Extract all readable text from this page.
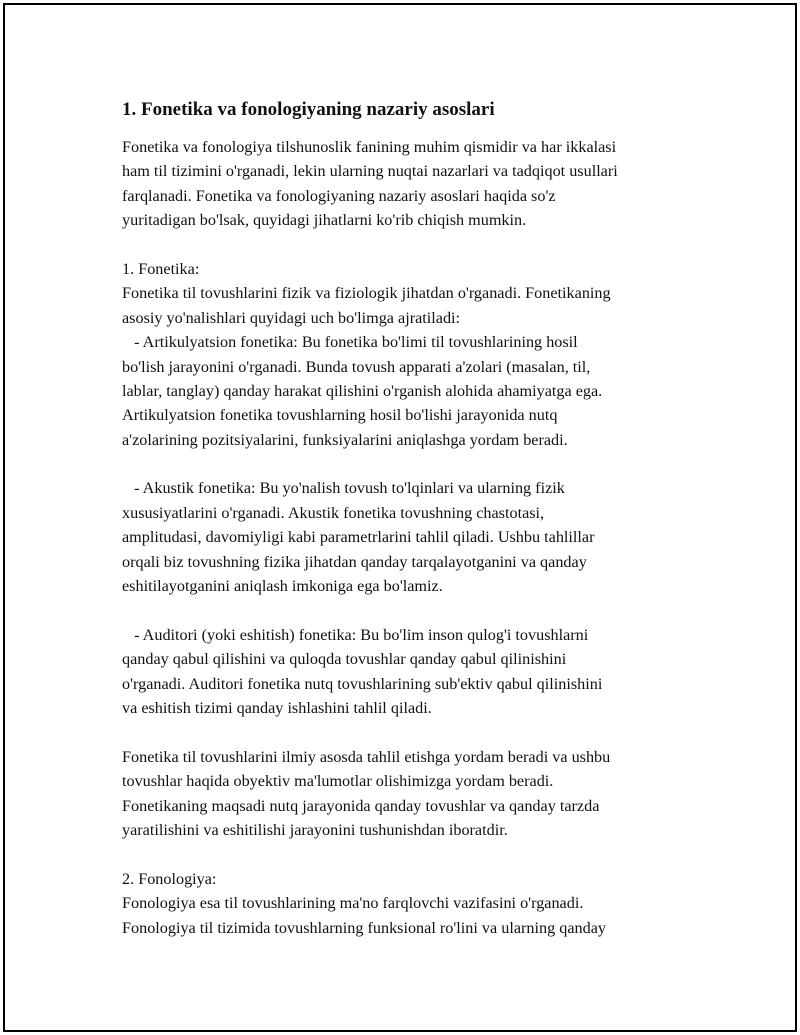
1. Fonetika va fonologiyaning nazariy asoslari
Fonetika va fonologiya tilshunoslik fanining muhim qismidir va har ikkalasi
ham til tizimini o'rganadi, lekin ularning nuqtai nazarlari va tadqiqot usullari
farqlanadi. Fonetika va fonologiyaning nazariy asoslari haqida so'z
yuritadigan bo'lsak, quyidagi jihatlarni ko'rib chiqish mumkin.
1. Fonetika:
Fonetika til tovushlarini fizik va fiziologik jihatdan o'rganadi. Fonetikaning
asosiy yo'nalishlari quyidagi uch bo'limga ajratiladi:
- Artikulyatsion fonetika: Bu fonetika bo'limi til tovushlarining hosil
bo'lish jarayonini o'rganadi. Bunda tovush apparati a'zolari (masalan, til,
lablar, tanglay) qanday harakat qilishini o'rganish alohida ahamiyatga ega.
Artikulyatsion fonetika tovushlarning hosil bo'lishi jarayonida nutq
a'zolarining pozitsiyalarini, funksiyalarini aniqlashga yordam beradi.
- Akustik fonetika: Bu yo'nalish tovush to'lqinlari va ularning fizik
xususiyatlarini o'rganadi. Akustik fonetika tovushning chastotasi,
amplitudasi, davomiyligi kabi parametrlarini tahlil qiladi. Ushbu tahlillar
orqali biz tovushning fizika jihatdan qanday tarqalayotganini va qanday
eshitilayotganini aniqlash imkoniga ega bo'lamiz.
- Auditori (yoki eshitish) fonetika: Bu bo'lim inson qulog'i tovushlarni
qanday qabul qilishini va quloqda tovushlar qanday qabul qilinishini
o'rganadi. Auditori fonetika nutq tovushlarining sub'ektiv qabul qilinishini
va eshitish tizimi qanday ishlashini tahlil qiladi.
Fonetika til tovushlarini ilmiy asosda tahlil etishga yordam beradi va ushbu
tovushlar haqida obyektiv ma'lumotlar olishimizga yordam beradi.
Fonetikaning maqsadi nutq jarayonida qanday tovushlar va qanday tarzda
yaratilishini va eshitilishi jarayonini tushunishdan iboratdir.
2. Fonologiya:
Fonologiya esa til tovushlarining ma'no farqlovchi vazifasini o'rganadi.
Fonologiya til tizimida tovushlarning funksional ro'lini va ularning qanday
